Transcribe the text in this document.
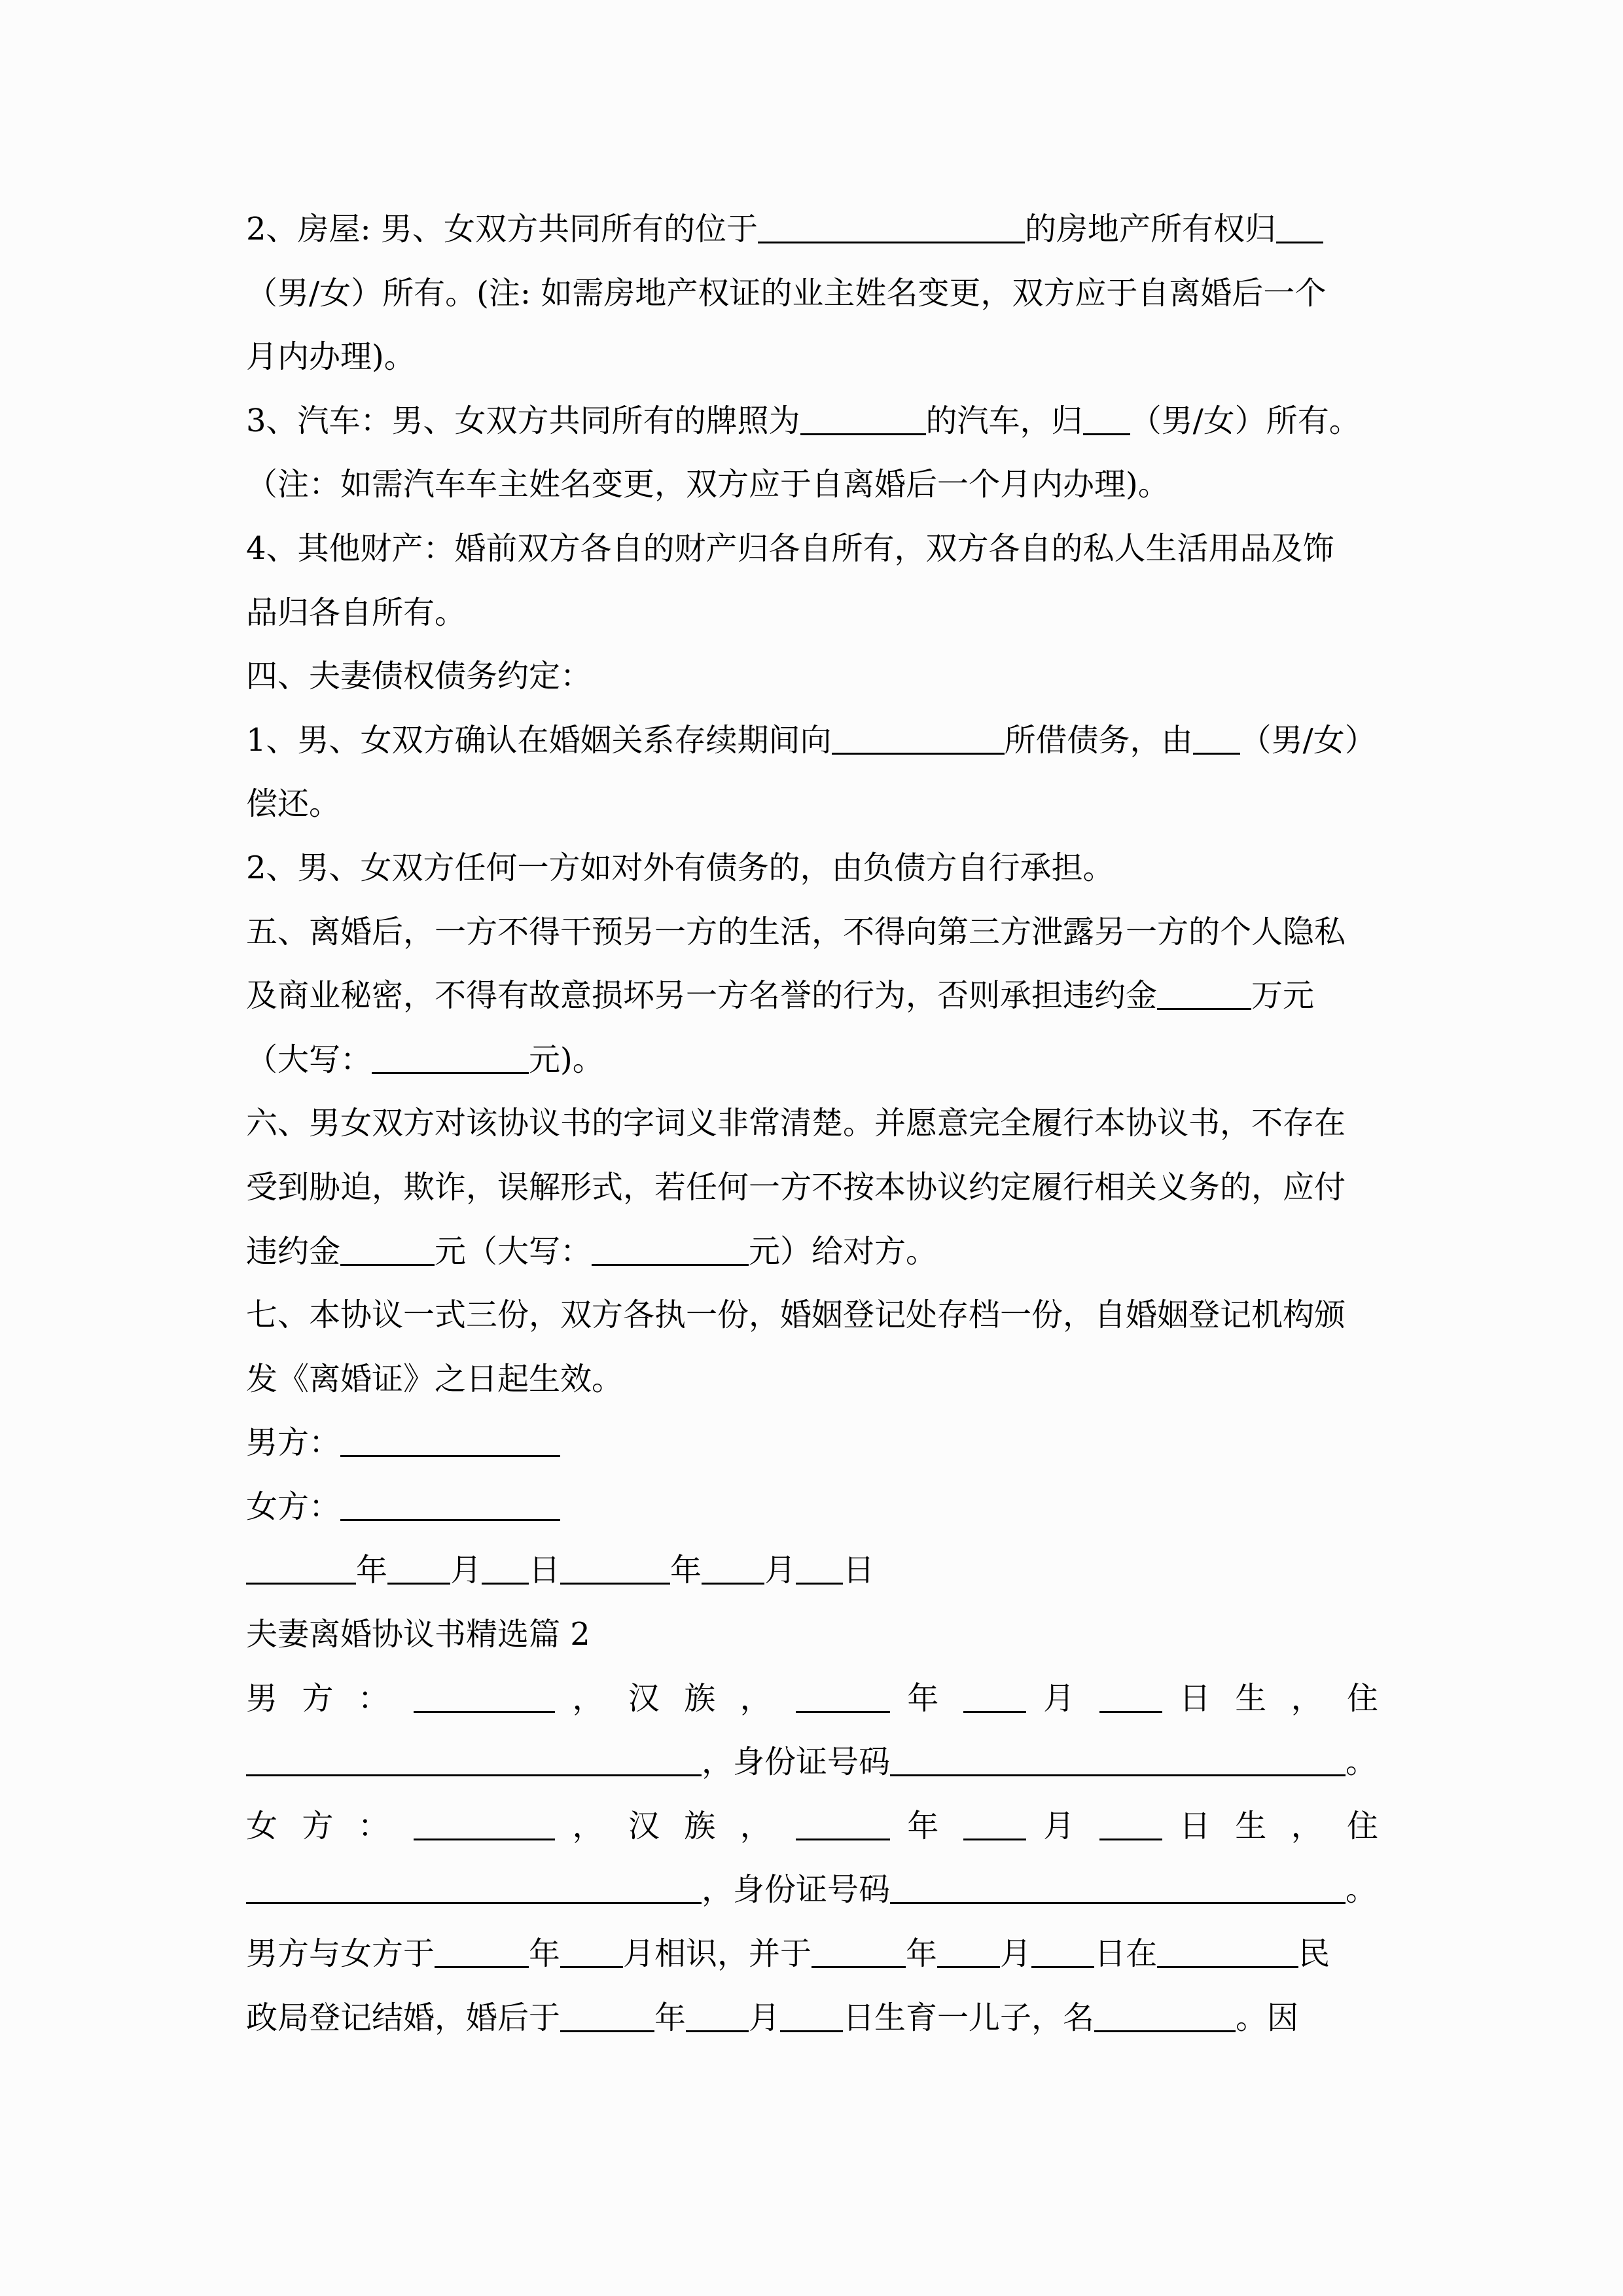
2、房屋: 男、女双方共同所有的位于	的房地产所有权归
（男/女）所有。(注: 如需房地产权证的业主姓名变更，双方应于自离婚后一个
月内办理)。
3、汽车：男、女双方共同所有的牌照为	的汽车，归 （男/女）所有。
（注：如需汽车车主姓名变更，双方应于自离婚后一个月内办理)。
4、其他财产：婚前双方各自的财产归各自所有，双方各自的私人生活用品及饰
品归各自所有。
四、夫妻债权债务约定：
1、男、女双方确认在婚姻关系存续期间向	所借债务，由 （男/女）
偿还。
2、男、女双方任何一方如对外有债务的，由负债方自行承担。
五、离婚后，一方不得干预另一方的生活，不得向第三方泄露另一方的个人隐私
及商业秘密，不得有故意损坏另一方名誉的行为，否则承担违约金	万元
（大写：	元)。
六、男女双方对该协议书的字词义非常清楚。并愿意完全履行本协议书，不存在
受到胁迫，欺诈，误解形式，若任何一方不按本协议约定履行相关义务的，应付
违约金	元（大写：	元）给对方。
七、本协议一式三份，双方各执一份，婚姻登记处存档一份，自婚姻登记机构颁
发《离婚证》之日起生效。
男方：
女方：
年 月 日	年 月 日
夫妻离婚协议书精选篇 2
男 方 ：	， 汉 族 ，	年	月	日 生 ， 住
，身份证号码	。
女 方 ：	， 汉 族 ，	年	月	日 生 ， 住
，身份证号码	。
男方与女方于	年 月相识，并于	年 月 日在	民
政局登记结婚，婚后于	年 月 日生育一儿子，名	。因
